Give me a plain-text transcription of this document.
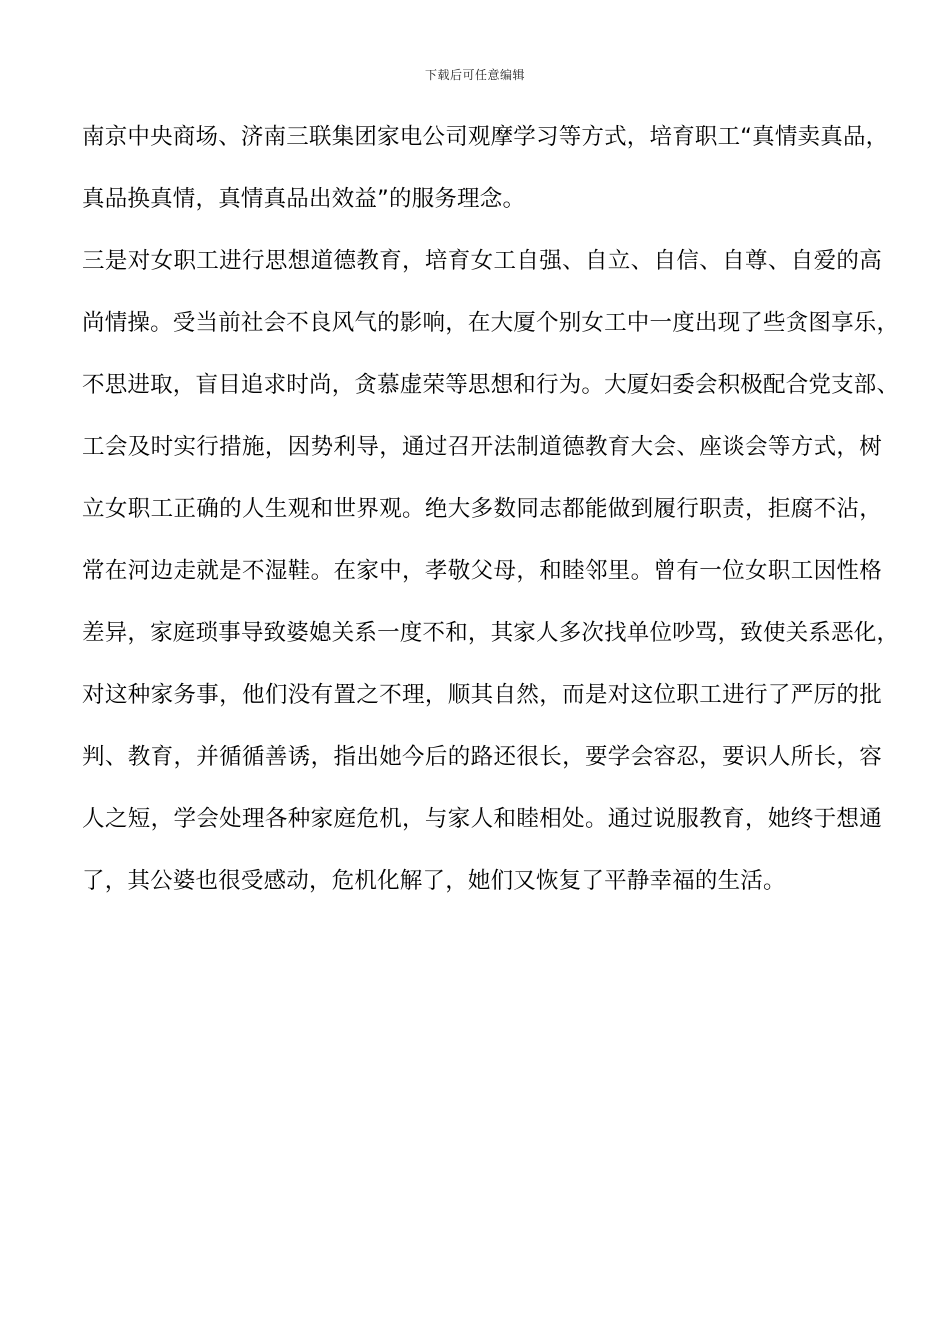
下载后可任意编辑
南京中央商场、济南三联集团家电公司观摩学习等方式，培育职工“真情卖真品，
真品换真情，真情真品出效益”的服务理念。
三是对女职工进行思想道德教育，培育女工自强、自立、自信、自尊、自爱的高
尚情操。受当前社会不良风气的影响，在大厦个别女工中一度出现了些贪图享乐，
不思进取，盲目追求时尚，贪慕虚荣等思想和行为。大厦妇委会积极配合党支部、
工会及时实行措施，因势利导，通过召开法制道德教育大会、座谈会等方式，树
立女职工正确的人生观和世界观。绝大多数同志都能做到履行职责，拒腐不沾，
常在河边走就是不湿鞋。在家中，孝敬父母，和睦邻里。曾有一位女职工因性格
差异，家庭琐事导致婆媳关系一度不和，其家人多次找单位吵骂，致使关系恶化，
对这种家务事，他们没有置之不理，顺其自然，而是对这位职工进行了严厉的批
判、教育，并循循善诱，指出她今后的路还很长，要学会容忍，要识人所长，容
人之短，学会处理各种家庭危机，与家人和睦相处。通过说服教育，她终于想通
了，其公婆也很受感动，危机化解了，她们又恢复了平静幸福的生活。
